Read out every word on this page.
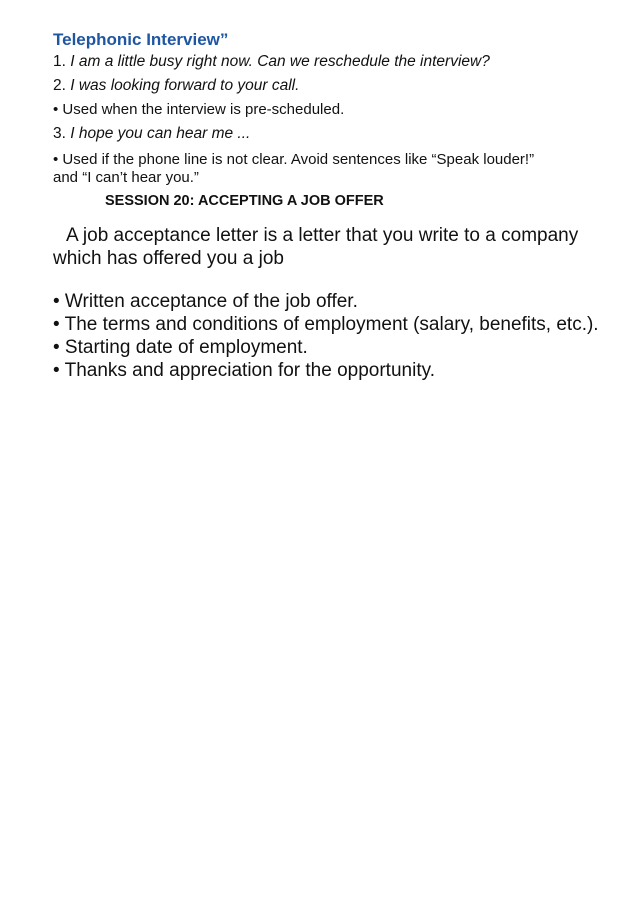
Telephonic Interview”
1. I am a little busy right now. Can we reschedule the interview?
2. I was looking forward to your call.
• Used when the interview is pre-scheduled.
3. I hope you can hear me ...
• Used if the phone line is not clear. Avoid sentences like “Speak louder!”
and “I can’t hear you.”
SESSION 20: ACCEPTING A JOB OFFER

A job acceptance letter is a letter that you write to a company
which has offered you a job

• Written acceptance of the job offer.
• The terms and conditions of employment (salary, benefits, etc.).
• Starting date of employment.
• Thanks and appreciation for the opportunity.
